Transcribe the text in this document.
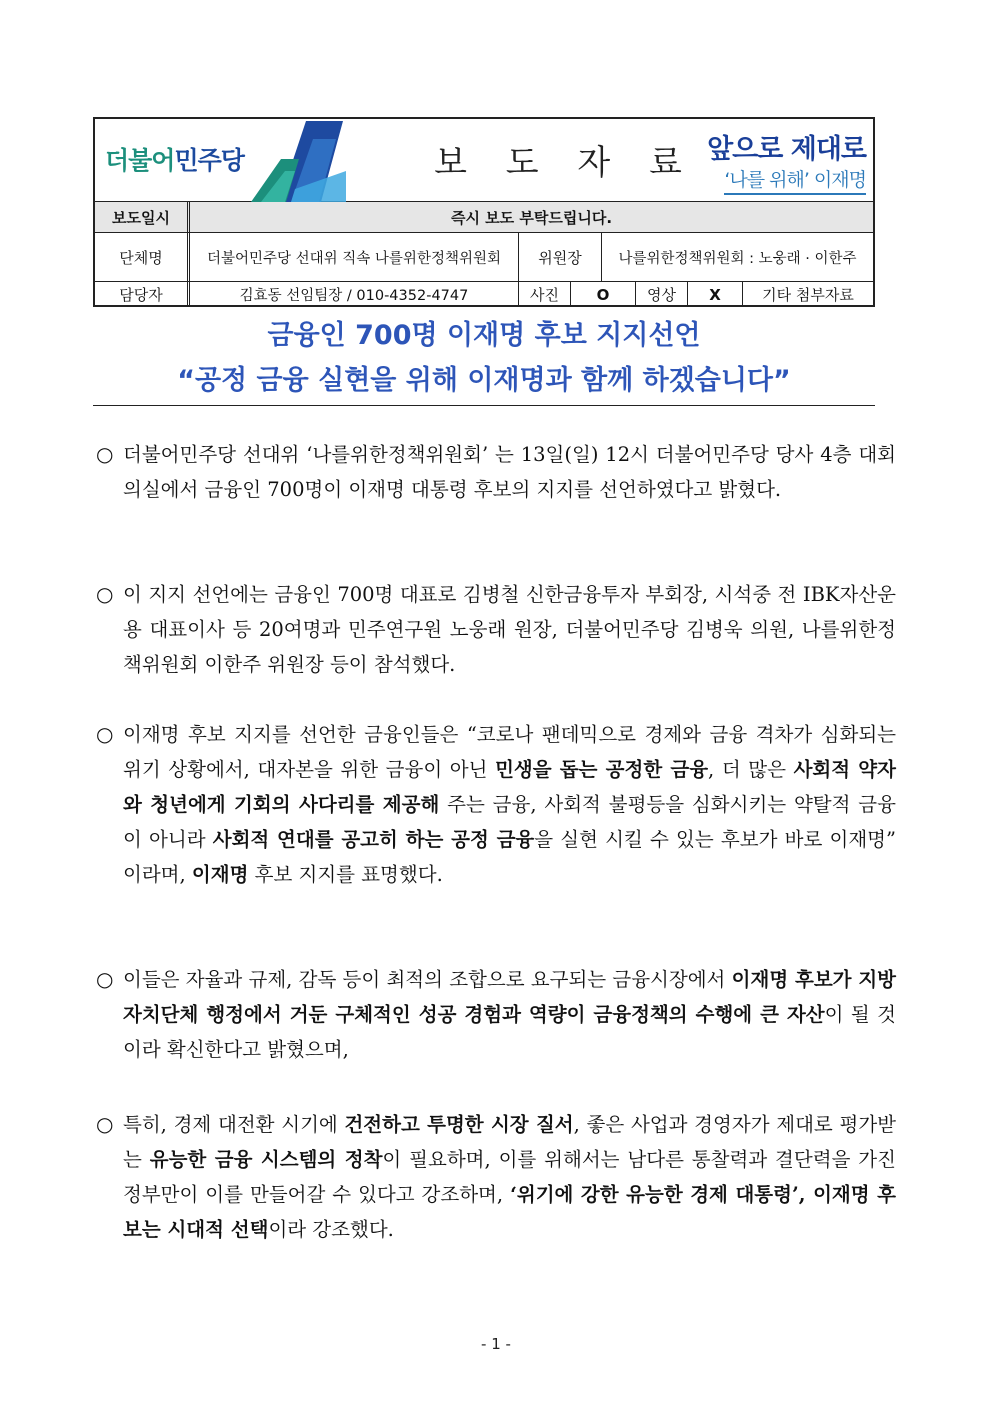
더불어민주당	보 도 자 료 앞으로 제대로
‘나를 위해’ 이재명
보도일시	즉시 보도 부탁드립니다.
단체명	더불어민주당 선대위 직속 나를위한정책위원회	위원장	나를위한정책위원회 : 노웅래 · 이한주
담당자	김효동 선임팀장 / 010-4352-4747	사진	O	영상	X	기타 첨부자료
금융인 700명 이재명 후보 지지선언
“공정 금융 실현을 위해 이재명과 함께 하겠습니다”
○ 더불어민주당 선대위 ‘나를위한정책위원회’ 는 13일(일) 12시 더불어민주당 당사 4층 대회의실에서 금융인 700명이 이재명 대통령 후보의 지지를 선언하였다고 밝혔다.
○ 이 지지 선언에는 금융인 700명 대표로 김병철 신한금융투자 부회장, 시석중 전 IBK자산운용 대표이사 등 20여명과 민주연구원 노웅래 원장, 더불어민주당 김병욱 의원, 나를위한정책위원회 이한주 위원장 등이 참석했다.
○ 이재명 후보 지지를 선언한 금융인들은 “코로나 팬데믹으로 경제와 금융 격차가 심화되는 위기 상황에서, 대자본을 위한 금융이 아닌 민생을 돕는 공정한 금융, 더 많은 사회적 약자와 청년에게 기회의 사다리를 제공해 주는 금융, 사회적 불평등을 심화시키는 약탈적 금융이 아니라 사회적 연대를 공고히 하는 공정 금융을 실현 시킬 수 있는 후보가 바로 이재명” 이라며, 이재명 후보 지지를 표명했다.
○ 이들은 자율과 규제, 감독 등이 최적의 조합으로 요구되는 금융시장에서 이재명 후보가 지방자치단체 행정에서 거둔 구체적인 성공 경험과 역량이 금융정책의 수행에 큰 자산이 될 것이라 확신한다고 밝혔으며,
○ 특히, 경제 대전환 시기에 건전하고 투명한 시장 질서, 좋은 사업과 경영자가 제대로 평가받는 유능한 금융 시스템의 정착이 필요하며, 이를 위해서는 남다른 통찰력과 결단력을 가진 정부만이 이를 만들어갈 수 있다고 강조하며, ‘위기에 강한 유능한 경제 대통령’, 이재명 후보는 시대적 선택이라 강조했다.
- 1 -
